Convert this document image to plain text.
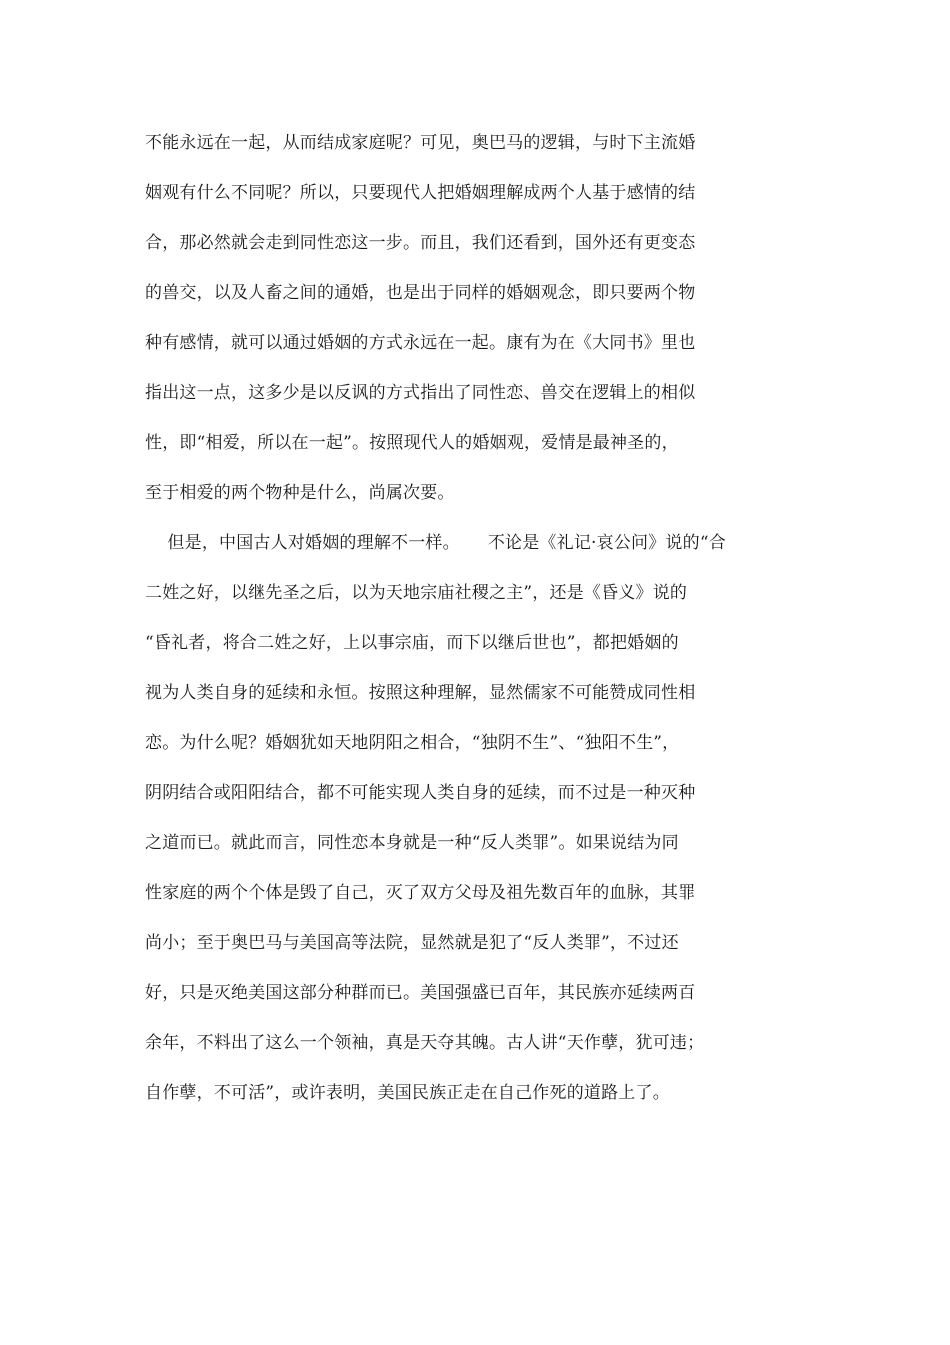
不能永远在一起，从而结成家庭呢？可见，奥巴马的逻辑，与时下主流婚
姻观有什么不同呢？所以，只要现代人把婚姻理解成两个人基于感情的结
合，那必然就会走到同性恋这一步。而且，我们还看到，国外还有更变态
的兽交，以及人畜之间的通婚，也是出于同样的婚姻观念，即只要两个物
种有感情，就可以通过婚姻的方式永远在一起。康有为在《大同书》里也
指出这一点，这多少是以反讽的方式指出了同性恋、兽交在逻辑上的相似
性，即“相爱，所以在一起”。按照现代人的婚姻观，爱情是最神圣的，
至于相爱的两个物种是什么，尚属次要。
但是，中国古人对婚姻的理解不一样。     不论是《礼记·哀公问》说的“合
二姓之好，以继先圣之后，以为天地宗庙社稷之主”，还是《昏义》说的
“昏礼者，将合二姓之好，上以事宗庙，而下以继后世也”，都把婚姻的
视为人类自身的延续和永恒。按照这种理解，显然儒家不可能赞成同性相
恋。为什么呢？婚姻犹如天地阴阳之相合，“独阴不生”、“独阳不生”，
阴阴结合或阳阳结合，都不可能实现人类自身的延续，而不过是一种灭种
之道而已。就此而言，同性恋本身就是一种“反人类罪”。如果说结为同
性家庭的两个个体是毁了自己，灭了双方父母及祖先数百年的血脉，其罪
尚小；至于奥巴马与美国高等法院，显然就是犯了“反人类罪”，不过还
好，只是灭绝美国这部分种群而已。美国强盛已百年，其民族亦延续两百
余年，不料出了这么一个领袖，真是天夺其魄。古人讲“天作孽，犹可违；
自作孽，不可活”，或许表明，美国民族正走在自己作死的道路上了。
